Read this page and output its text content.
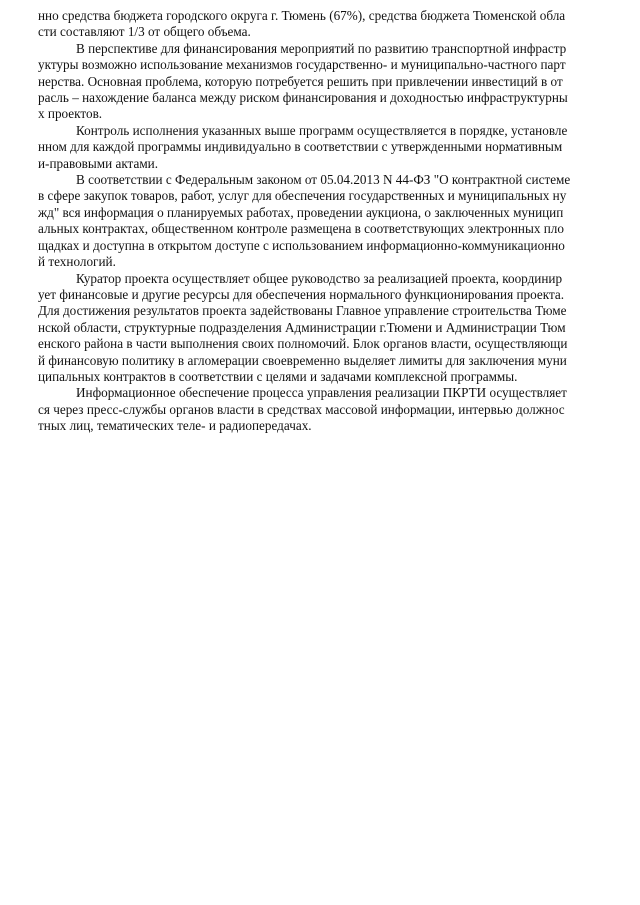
нно средства бюджета городского округа г. Тюмень (67%), средства бюджета Тюменской обла
сти составляют 1/3 от общего объема.
В перспективе для финансирования мероприятий по развитию транспортной инфрастр
уктуры возможно использование механизмов государственно- и муниципально-частного парт
нерства. Основная проблема, которую потребуется решить при привлечении инвестиций в от
расль – нахождение баланса между риском финансирования и доходностью инфраструктурны
х проектов.
Контроль исполнения указанных выше программ осуществляется в порядке, установле
нном для каждой программы индивидуально в соответствии с утвержденными нормативным
и-правовыми актами.
В соответствии с Федеральным законом от 05.04.2013 N 44-ФЗ "О контрактной системе
в сфере закупок товаров, работ, услуг для обеспечения государственных и муниципальных ну
жд" вся информация о планируемых работах, проведении аукциона, о заключенных муницип
альных контрактах, общественном контроле размещена в соответствующих электронных пло
щадках и доступна в открытом доступе с использованием информационно-коммуникационно
й технологий.
Куратор проекта осуществляет общее руководство за реализацией проекта, координир
ует финансовые и другие ресурсы для обеспечения нормального функционирования проекта.
Для достижения результатов проекта задействованы Главное управление строительства Тюме
нской области, структурные подразделения Администрации г.Тюмени и Администрации Тюм
енского района в части выполнения своих полномочий. Блок органов власти, осуществляющи
й финансовую политику в агломерации своевременно выделяет лимиты для заключения муни
ципальных контрактов в соответствии с целями и задачами комплексной программы.
Информационное обеспечение процесса управления реализации ПКРТИ осуществляет
ся через пресс-службы органов власти в средствах массовой информации, интервью должнос
тных лиц, тематических теле- и радиопередачах.
